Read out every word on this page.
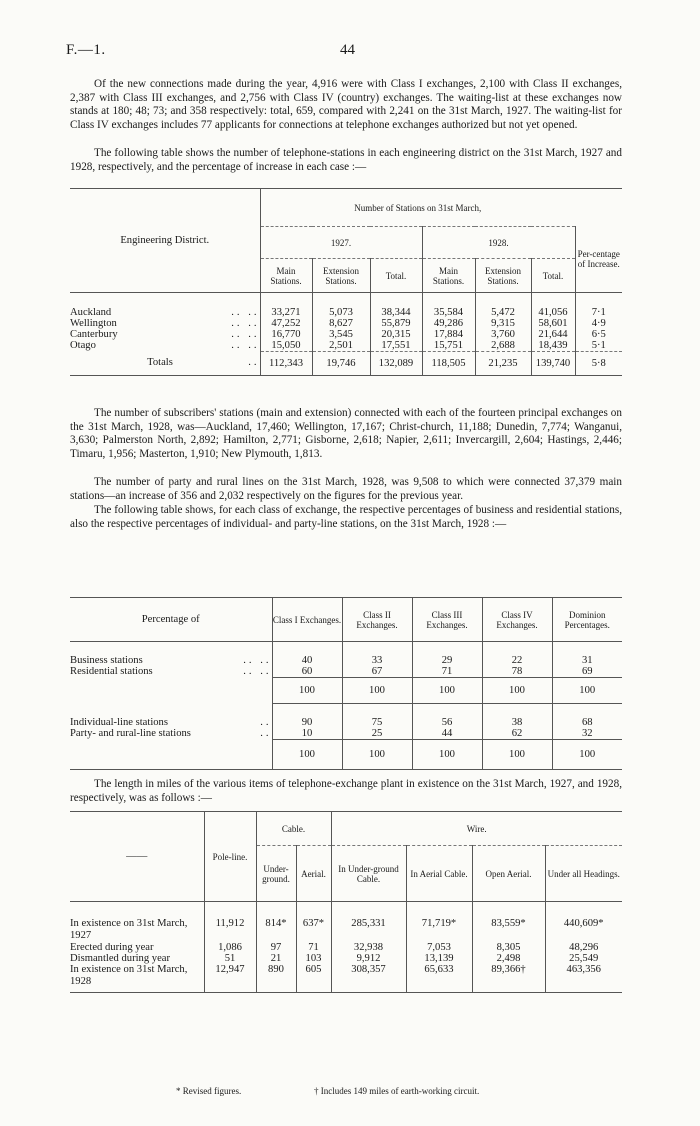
F.—1.	44
Of the new connections made during the year, 4,916 were with Class I exchanges, 2,100 with Class II exchanges, 2,387 with Class III exchanges, and 2,756 with Class IV (country) exchanges. The waiting-list at these exchanges now stands at 180; 48; 73; and 358 respectively: total, 659, compared with 2,241 on the 31st March, 1927. The waiting-list for Class IV exchanges includes 77 applicants for connections at telephone exchanges authorized but not yet opened.
The following table shows the number of telephone-stations in each engineering district on the 31st March, 1927 and 1928, respectively, and the percentage of increase in each case :—
Engineering District.		Number of Stations on 31st March,						
		1927.			1928.			Per-centage of Increase.
		Main Stations.	Extension Stations.	Total.	Main Stations.	Extension Stations.	Total.	

Auckland	.. ..	33,271	5,073	38,344	35,584	5,472	41,056	7·1
Wellington	.. ..	47,252	8,627	55,879	49,286	9,315	58,601	4·9
Canterbury	.. ..	16,770	3,545	20,315	17,884	3,760	21,644	6·5
Otago	.. ..	15,050	2,501	17,551	15,751	2,688	18,439	5·1
Totals	..	112,343	19,746	132,089	118,505	21,235	139,740	5·8
The number of subscribers' stations (main and extension) connected with each of the fourteen principal exchanges on the 31st March, 1928, was—Auckland, 17,460; Wellington, 17,167; Christ-church, 11,188; Dunedin, 7,774; Wanganui, 3,630; Palmerston North, 2,892; Hamilton, 2,771; Gisborne, 2,618; Napier, 2,611; Invercargill, 2,604; Hastings, 2,446; Timaru, 1,956; Masterton, 1,910; New Plymouth, 1,813.
The number of party and rural lines on the 31st March, 1928, was 9,508 to which were connected 37,379 main stations—an increase of 356 and 2,032 respectively on the figures for the previous year.
The following table shows, for each class of exchange, the respective percentages of business and residential stations, also the respective percentages of individual- and party-line stations, on the 31st March, 1928 :—
Percentage of		Class I Exchanges.	Class II Exchanges.	Class III Exchanges.	Class IV Exchanges.	Dominion Percentages.

Business stations	.. ..	40	33	29	22	31
Residential stations	.. ..	60	67	71	78	69
		100	100	100	100	100

Individual-line stations	..	90	75	56	38	68
Party- and rural-line stations	..	10	25	44	62	32
		100	100	100	100	100
The length in miles of the various items of telephone-exchange plant in existence on the 31st March, 1927, and 1928, respectively, was as follows :—
——	Pole-line.	Cable.		Wire.			
		Under-ground.	Aerial.	In Under-ground Cable.	In Aerial Cable.	Open Aerial.	Under all Headings.

In existence on 31st March, 1927	11,912	814*	637*	285,331	71,719*	83,559*	440,609*
Erected during year	1,086	97	71	32,938	7,053	8,305	48,296
Dismantled during year	51	21	103	9,912	13,139	2,498	25,549
In existence on 31st March, 1928	12,947	890	605	308,357	65,633	89,366†	463,356
* Revised figures.	† Includes 149 miles of earth-working circuit.
